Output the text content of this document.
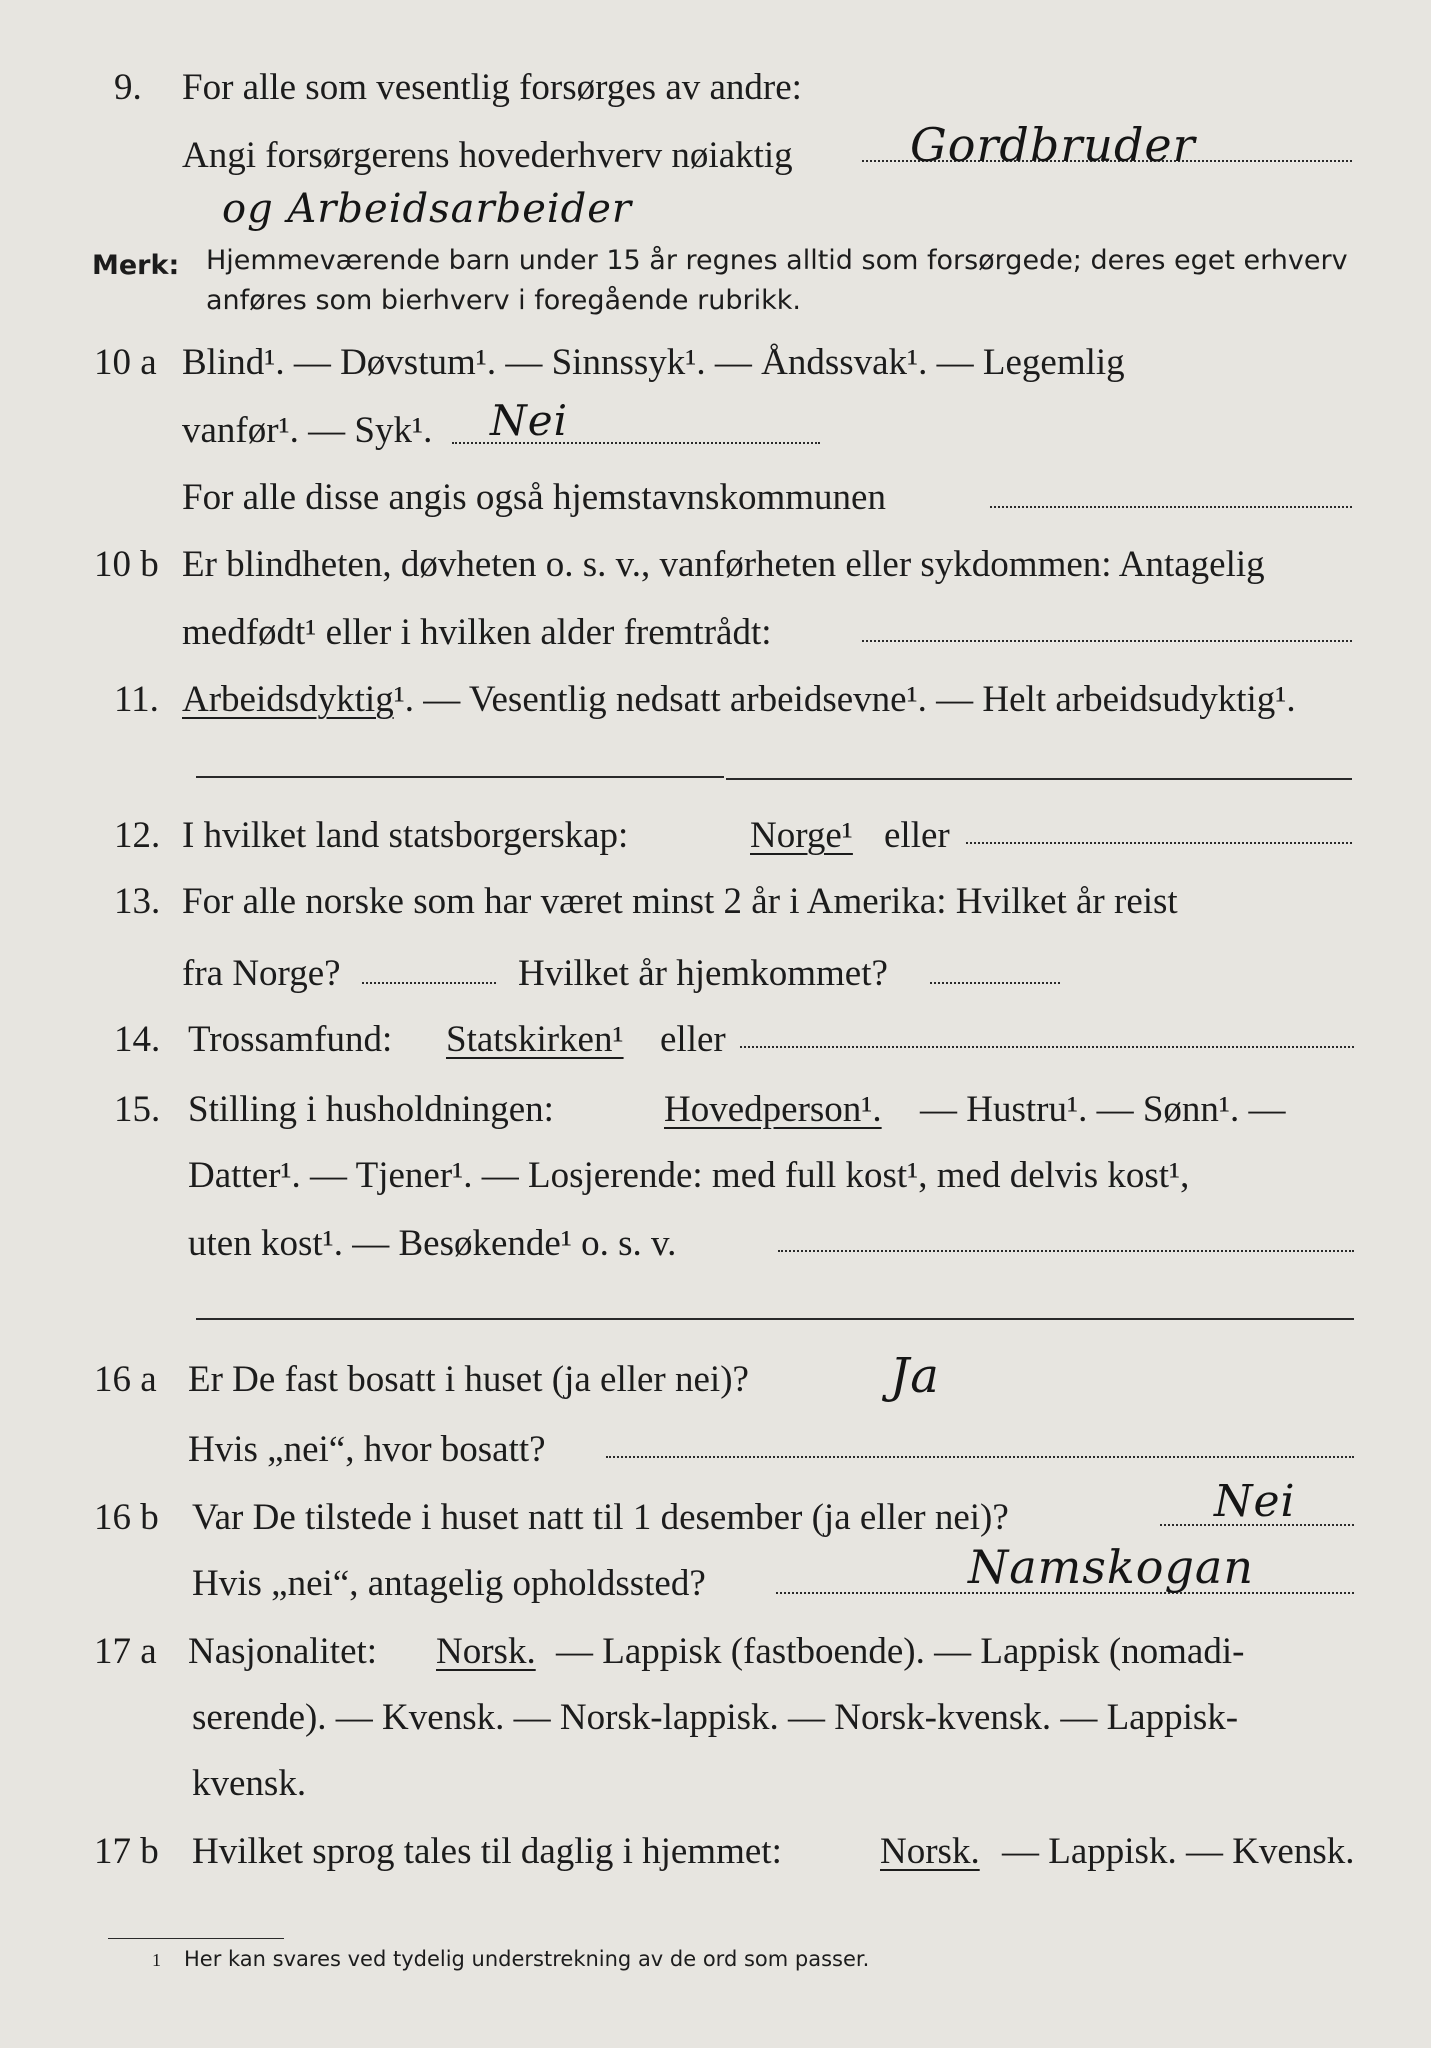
9. For alle som vesentlig forsørges av andre:
Angi forsørgerens hovederhverv nøiaktig	Gordbruder
og Arbeidsarbeider
Merk: Hjemmeværende barn under 15 år regnes alltid som forsørgede; deres eget erhverv
anføres som bierhverv i foregående rubrikk.
10 a Blind¹. — Døvstum¹. — Sinnssyk¹. — Åndssvak¹. — Legemlig
vanfør¹. — Syk¹. Nei
For alle disse angis også hjemstavnskommunen
10 b Er blindheten, døvheten o. s. v., vanførheten eller sykdommen: Antagelig
medfødt¹ eller i hvilken alder fremtrådt:
11. Arbeidsdyktig¹. — Vesentlig nedsatt arbeidsevne¹. — Helt arbeidsudyktig¹.
12. I hvilket land statsborgerskap:	Norge¹ eller
13. For alle norske som har været minst 2 år i Amerika: Hvilket år reist
fra Norge?	Hvilket år hjemkommet?
14. Trossamfund: Statskirken¹ eller
15. Stilling i husholdningen:	Hovedperson¹. — Hustru¹. — Sønn¹. —
Datter¹. — Tjener¹. — Losjerende: med full kost¹, med delvis kost¹,
uten kost¹. — Besøkende¹ o. s. v.
16 a Er De fast bosatt i huset (ja eller nei)?	Ja
Hvis „nei“, hvor bosatt?
16 b Var De tilstede i huset natt til 1 desember (ja eller nei)?	Nei
Hvis „nei“, antagelig opholdssted?	Namskogan
17 a Nasjonalitet: Norsk. — Lappisk (fastboende). — Lappisk (nomadi-
serende). — Kvensk. — Norsk-lappisk. — Norsk-kvensk. — Lappisk-
kvensk.
17 b Hvilket sprog tales til daglig i hjemmet:	Norsk. — Lappisk. — Kvensk.
1 Her kan svares ved tydelig understrekning av de ord som passer.
